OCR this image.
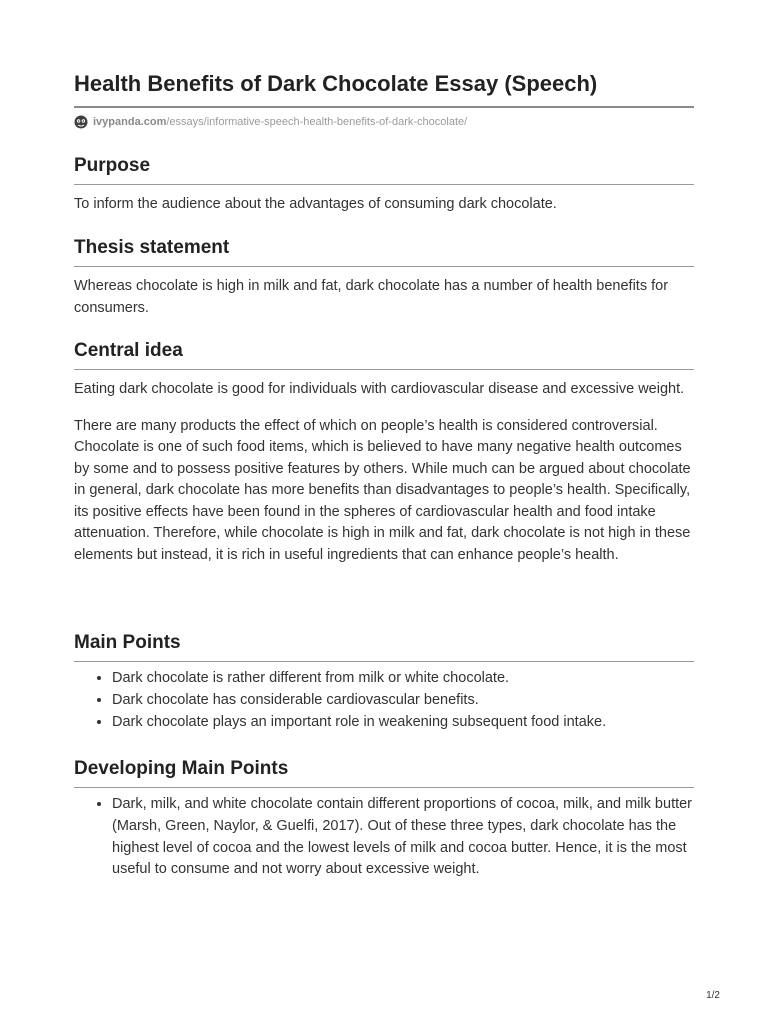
Health Benefits of Dark Chocolate Essay (Speech)
ivypanda.com /essays/informative-speech-health-benefits-of-dark-chocolate/
Purpose

To inform the audience about the advantages of consuming dark chocolate.

Thesis statement

Whereas chocolate is high in milk and fat, dark chocolate has a number of health benefits for consumers.

Central idea

Eating dark chocolate is good for individuals with cardiovascular disease and excessive weight.

There are many products the effect of which on people’s health is considered controversial. Chocolate is one of such food items, which is believed to have many negative health outcomes by some and to possess positive features by others. While much can be argued about chocolate in general, dark chocolate has more benefits than disadvantages to people’s health. Specifically, its positive effects have been found in the spheres of cardiovascular health and food intake attenuation. Therefore, while chocolate is high in milk and fat, dark chocolate is not high in these elements but instead, it is rich in useful ingredients that can enhance people’s health.

Main Points
• Dark chocolate is rather different from milk or white chocolate.
• Dark chocolate has considerable cardiovascular benefits.
• Dark chocolate plays an important role in weakening subsequent food intake.
Developing Main Points
• Dark, milk, and white chocolate contain different proportions of cocoa, milk, and milk butter (Marsh, Green, Naylor, & Guelfi, 2017). Out of these three types, dark chocolate has the highest level of cocoa and the lowest levels of milk and cocoa butter. Hence, it is the most useful to consume and not worry about excessive weight.
1/2
